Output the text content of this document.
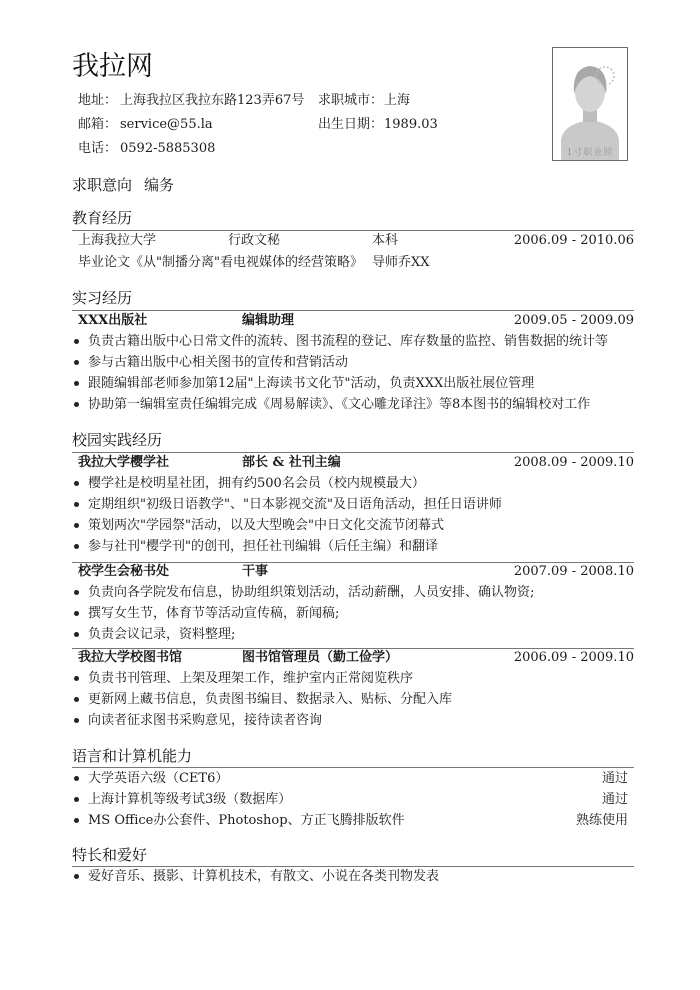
我拉网
地址： 上海我拉区我拉东路123弄67号 求职城市： 上海
邮箱： service@55.la	出生日期： 1989.03
电话： 0592-5885308	1寸职业照
求职意向 编务
教育经历
上海我拉大学	行政文秘	本科	2006.09 - 2010.06
毕业论文《从"制播分离"看电视媒体的经营策略》 导师乔XX
实习经历
XXX出版社	编辑助理	2009.05 - 2009.09
负责古籍出版中心日常文件的流转、图书流程的登记、库存数量的监控、销售数据的统计等
参与古籍出版中心相关图书的宣传和营销活动
跟随编辑部老师参加第12届"上海读书文化节"活动，负责XXX出版社展位管理
协助第一编辑室责任编辑完成《周易解读》、《文心雕龙译注》等8本图书的编辑校对工作
校园实践经历
我拉大学樱学社	部长 & 社刊主编	2008.09 - 2009.10
樱学社是校明星社团，拥有约500名会员（校内规模最大）
定期组织"初级日语教学"、"日本影视交流"及日语角活动，担任日语讲师
策划两次"学园祭"活动，以及大型晚会"中日文化交流节闭幕式
参与社刊"樱学刊"的创刊，担任社刊编辑（后任主编）和翻译
校学生会秘书处	干事	2007.09 - 2008.10
负责向各学院发布信息，协助组织策划活动，活动薪酬，人员安排、确认物资;
撰写女生节，体育节等活动宣传稿，新闻稿;
负责会议记录，资料整理;
我拉大学校图书馆	图书馆管理员（勤工俭学）	2006.09 - 2009.10
负责书刊管理、上架及理架工作，维护室内正常阅览秩序
更新网上藏书信息，负责图书编目、数据录入、贴标、分配入库
向读者征求图书采购意见，接待读者咨询
语言和计算机能力
大学英语六级（CET6）	通过
上海计算机等级考试3级（数据库）	通过
MS Office办公套件、Photoshop、方正飞腾排版软件	熟练使用
特长和爱好
爱好音乐、摄影、计算机技术，有散文、小说在各类刊物发表
